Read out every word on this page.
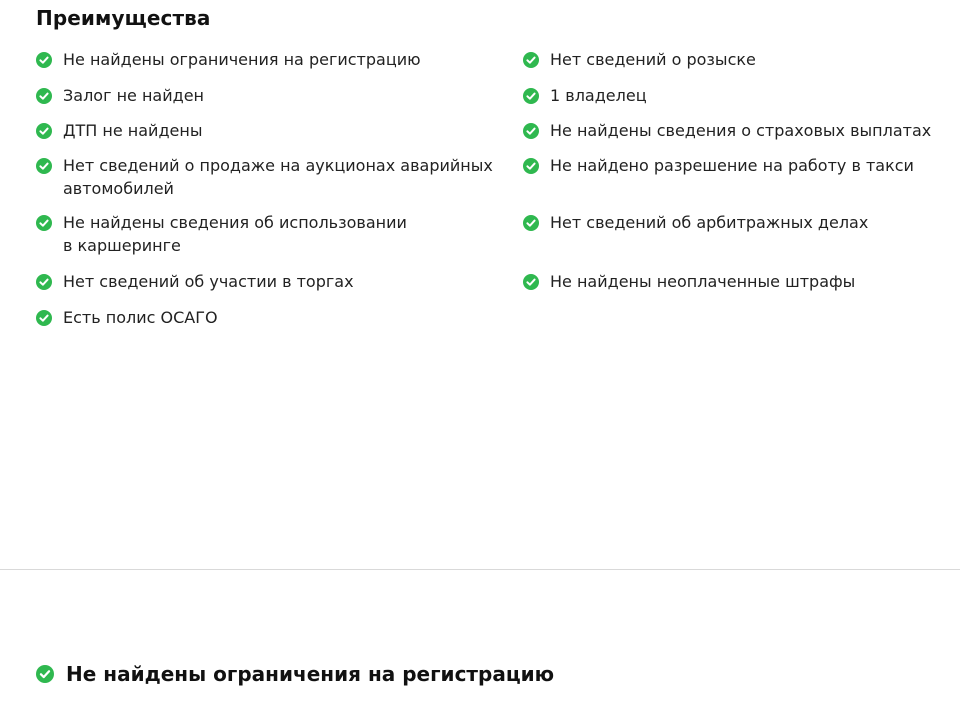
Преимущества
Не найдены ограничения на регистрацию
Залог не найден
ДТП не найдены
Нет сведений о продаже на аукционах аварийных
автомобилей
Не найдены сведения об использовании
в каршеринге
Нет сведений об участии в торгах
Есть полис ОСАГО
Нет сведений о розыске
1 владелец
Не найдены сведения о страховых выплатах
Не найдено разрешение на работу в такси
Нет сведений об арбитражных делах
Не найдены неоплаченные штрафы
Не найдены ограничения на регистрацию
